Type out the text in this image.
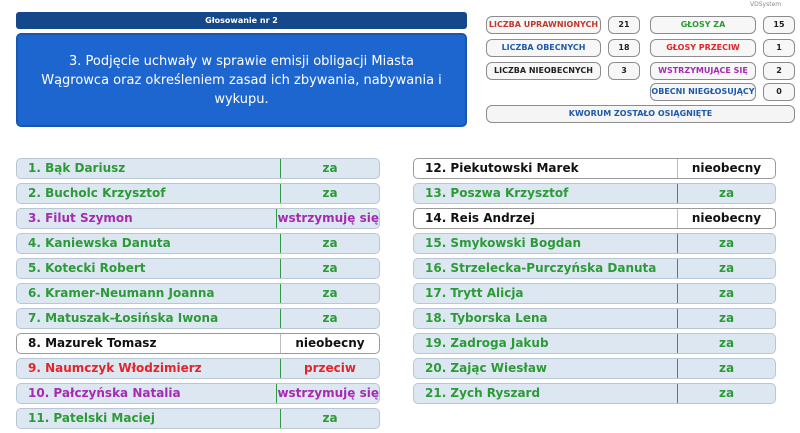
VDSystem
Głosowanie nr 2
3. Podjęcie uchwały w sprawie emisji obligacji Miasta Wągrowca oraz określeniem zasad ich zbywania, nabywania i wykupu.
LICZBA UPRAWNIONYCH	21
LICZBA OBECNYCH	18
LICZBA NIEOBECNYCH	3
GŁOSY ZA	15
GŁOSY PRZECIW	1
WSTRZYMUJĄCE SIĘ	2
OBECNI NIEGŁOSUJĄCY	0
KWORUM ZOSTAŁO OSIĄGNIĘTE
1. Bąk Dariusz	za
2. Bucholc Krzysztof	za
3. Filut Szymon	wstrzymuję się
4. Kaniewska Danuta	za
5. Kotecki Robert	za
6. Kramer-Neumann Joanna	za
7. Matuszak-Łosińska Iwona	za
8. Mazurek Tomasz	nieobecny
9. Naumczyk Włodzimierz	przeciw
10. Pałczyńska Natalia	wstrzymuję się
11. Patelski Maciej	za
12. Piekutowski Marek	nieobecny
13. Poszwa Krzysztof	za
14. Reis Andrzej	nieobecny
15. Smykowski Bogdan	za
16. Strzelecka-Purczyńska Danuta	za
17. Trytt Alicja	za
18. Tyborska Lena	za
19. Zadroga Jakub	za
20. Zając Wiesław	za
21. Zych Ryszard	za
